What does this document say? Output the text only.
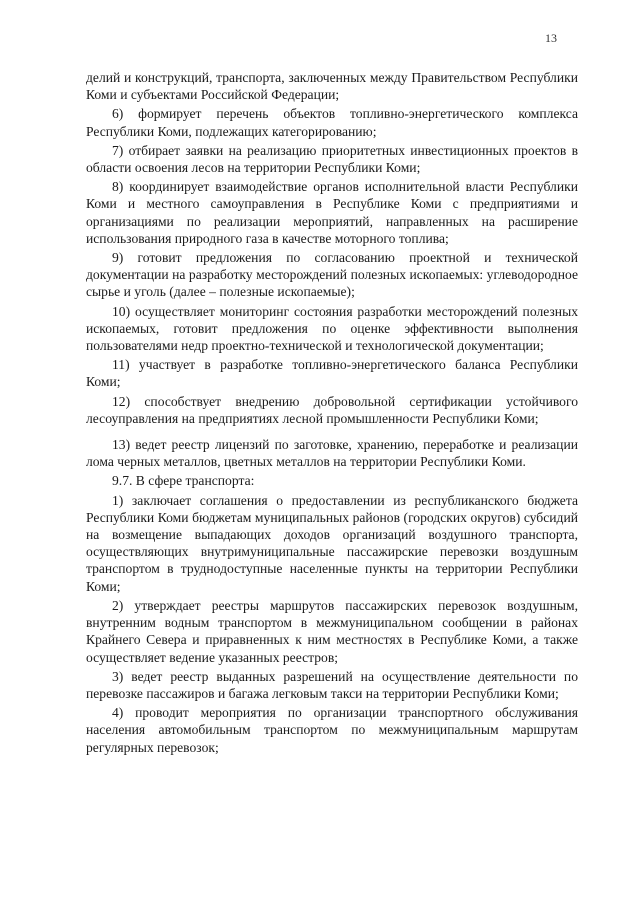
13

делий и конструкций, транспорта, заключенных между Правительством Республики Коми и субъектами Российской Федерации;

6) формирует перечень объектов топливно-энергетического комплекса Республики Коми, подлежащих категорированию;

7) отбирает заявки на реализацию приоритетных инвестиционных проектов в области освоения лесов на территории Республики Коми;

8) координирует взаимодействие органов исполнительной власти Республики Коми и местного самоуправления в Республике Коми с предприятиями и организациями по реализации мероприятий, направленных на расширение использования природного газа в качестве моторного топлива;

9) готовит предложения по согласованию проектной и технической документации на разработку месторождений полезных ископаемых: углеводородное сырье и уголь (далее – полезные ископаемые);

10) осуществляет мониторинг состояния разработки месторождений полезных ископаемых, готовит предложения по оценке эффективности выполнения пользователями недр проектно-технической и технологической документации;

11) участвует в разработке топливно-энергетического баланса Республики Коми;

12) способствует внедрению добровольной сертификации устойчивого лесоуправления на предприятиях лесной промышленности Республики Коми;

13) ведет реестр лицензий по заготовке, хранению, переработке и реализации лома черных металлов, цветных металлов на территории Республики Коми.

9.7. В сфере транспорта:

1) заключает соглашения о предоставлении из республиканского бюджета Республики Коми бюджетам муниципальных районов (городских округов) субсидий на возмещение выпадающих доходов организаций воздушного транспорта, осуществляющих внутримуниципальные пассажирские перевозки воздушным транспортом в труднодоступные населенные пункты на территории Республики Коми;

2) утверждает реестры маршрутов пассажирских перевозок воздушным, внутренним водным транспортом в межмуниципальном сообщении в районах Крайнего Севера и приравненных к ним местностях в Республике Коми, а также осуществляет ведение указанных реестров;

3) ведет реестр выданных разрешений на осуществление деятельности по перевозке пассажиров и багажа легковым такси на территории Республики Коми;

4) проводит мероприятия по организации транспортного обслуживания населения автомобильным транспортом по межмуниципальным маршрутам регулярных перевозок;
